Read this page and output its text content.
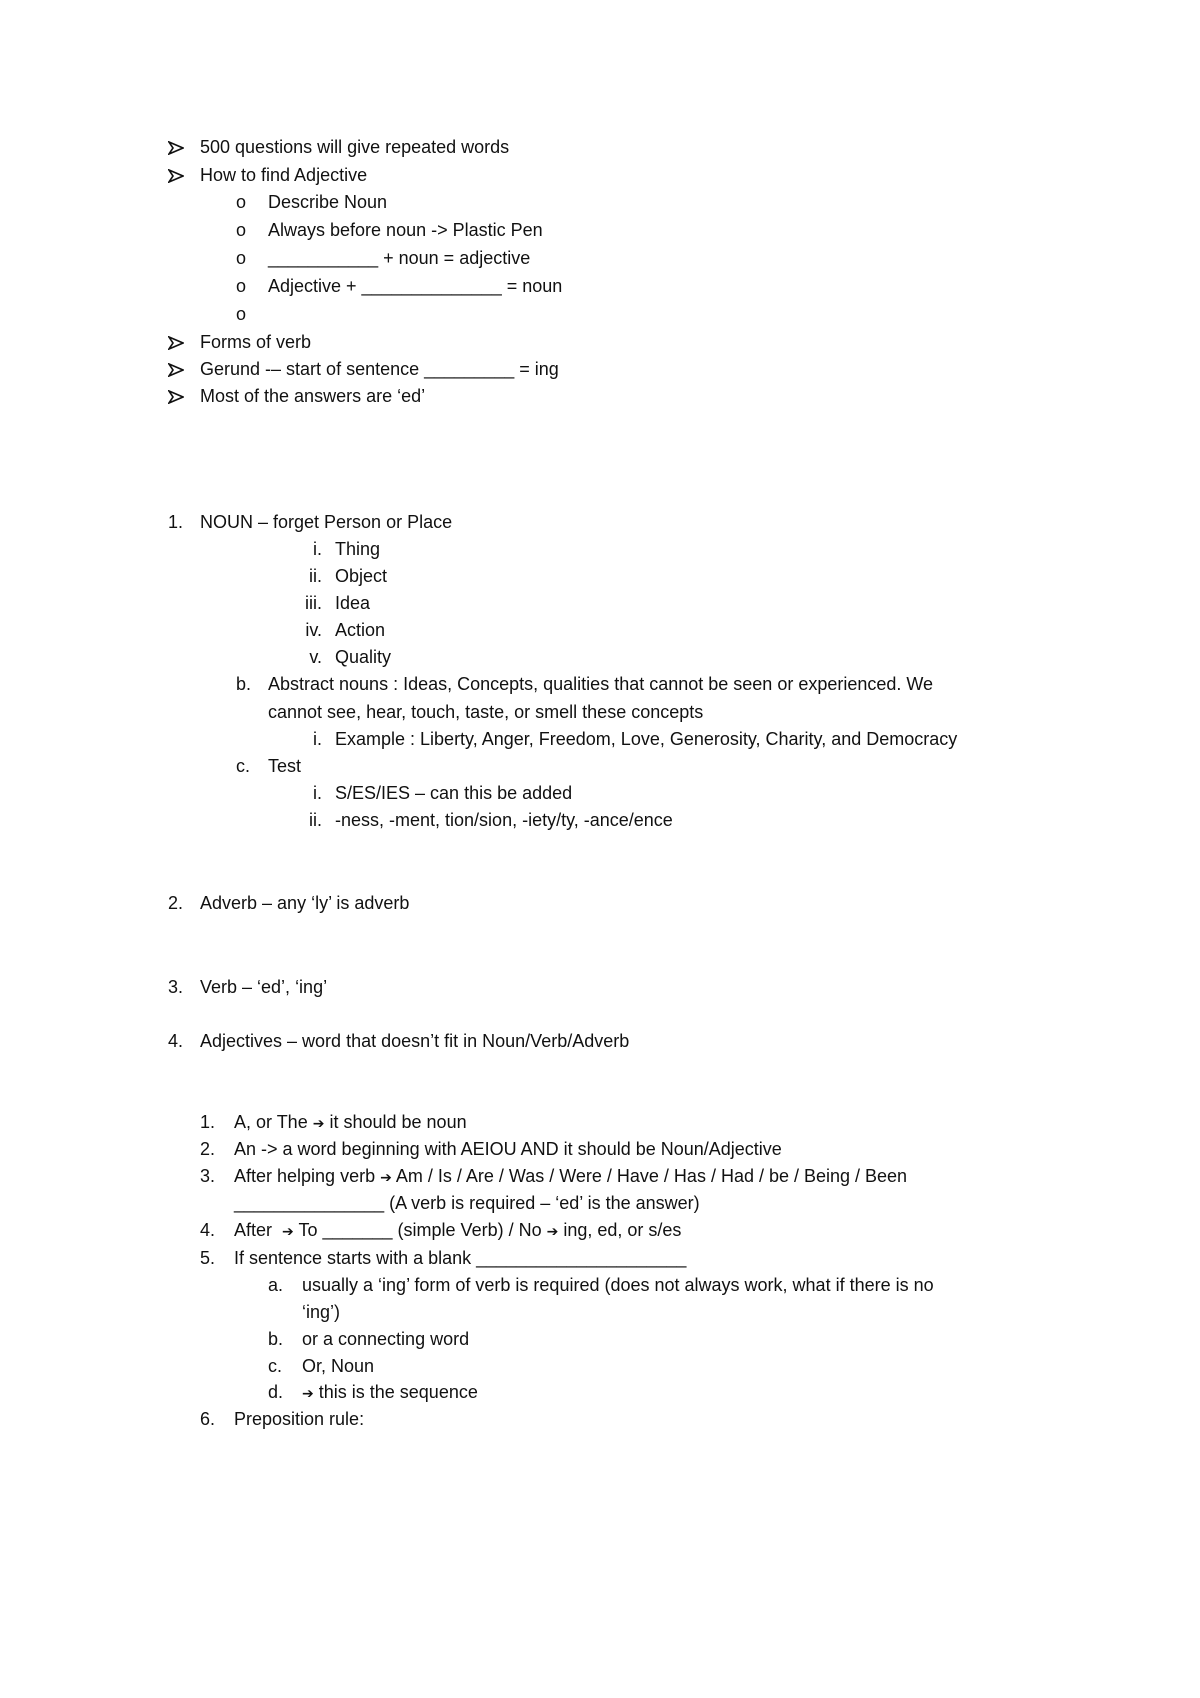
500 questions will give repeated words
How to find Adjective
o Describe Noun
o Always before noun -> Plastic Pen
o ___________ + noun = adjective
o Adjective + ______________ = noun
o
Forms of verb
Gerund -– start of sentence _________ = ing
Most of the answers are ‘ed’
1. NOUN – forget Person or Place
i. Thing
ii. Object
iii. Idea
iv. Action
v. Quality
b. Abstract nouns : Ideas, Concepts, qualities that cannot be seen or experienced. We
cannot see, hear, touch, taste, or smell these concepts
i. Example : Liberty, Anger, Freedom, Love, Generosity, Charity, and Democracy
c. Test
i. S/ES/IES – can this be added
ii. -ness, -ment, tion/sion, -iety/ty, -ance/ence
2. Adverb – any ‘ly’ is adverb
3. Verb – ‘ed’, ‘ing’
4. Adjectives – word that doesn’t fit in Noun/Verb/Adverb
1. A, or The ➔ it should be noun
2. An -> a word beginning with AEIOU AND it should be Noun/Adjective
3. After helping verb ➔ Am / Is / Are / Was / Were / Have / Has / Had / be / Being / Been
_______________ (A verb is required – ‘ed’ is the answer)
4. After ➔ To _______ (simple Verb) / No ➔ ing, ed, or s/es
5. If sentence starts with a blank _____________________
a. usually a ‘ing’ form of verb is required (does not always work, what if there is no
‘ing’)
b. or a connecting word
c. Or, Noun
d. ➔ this is the sequence
6. Preposition rule:
